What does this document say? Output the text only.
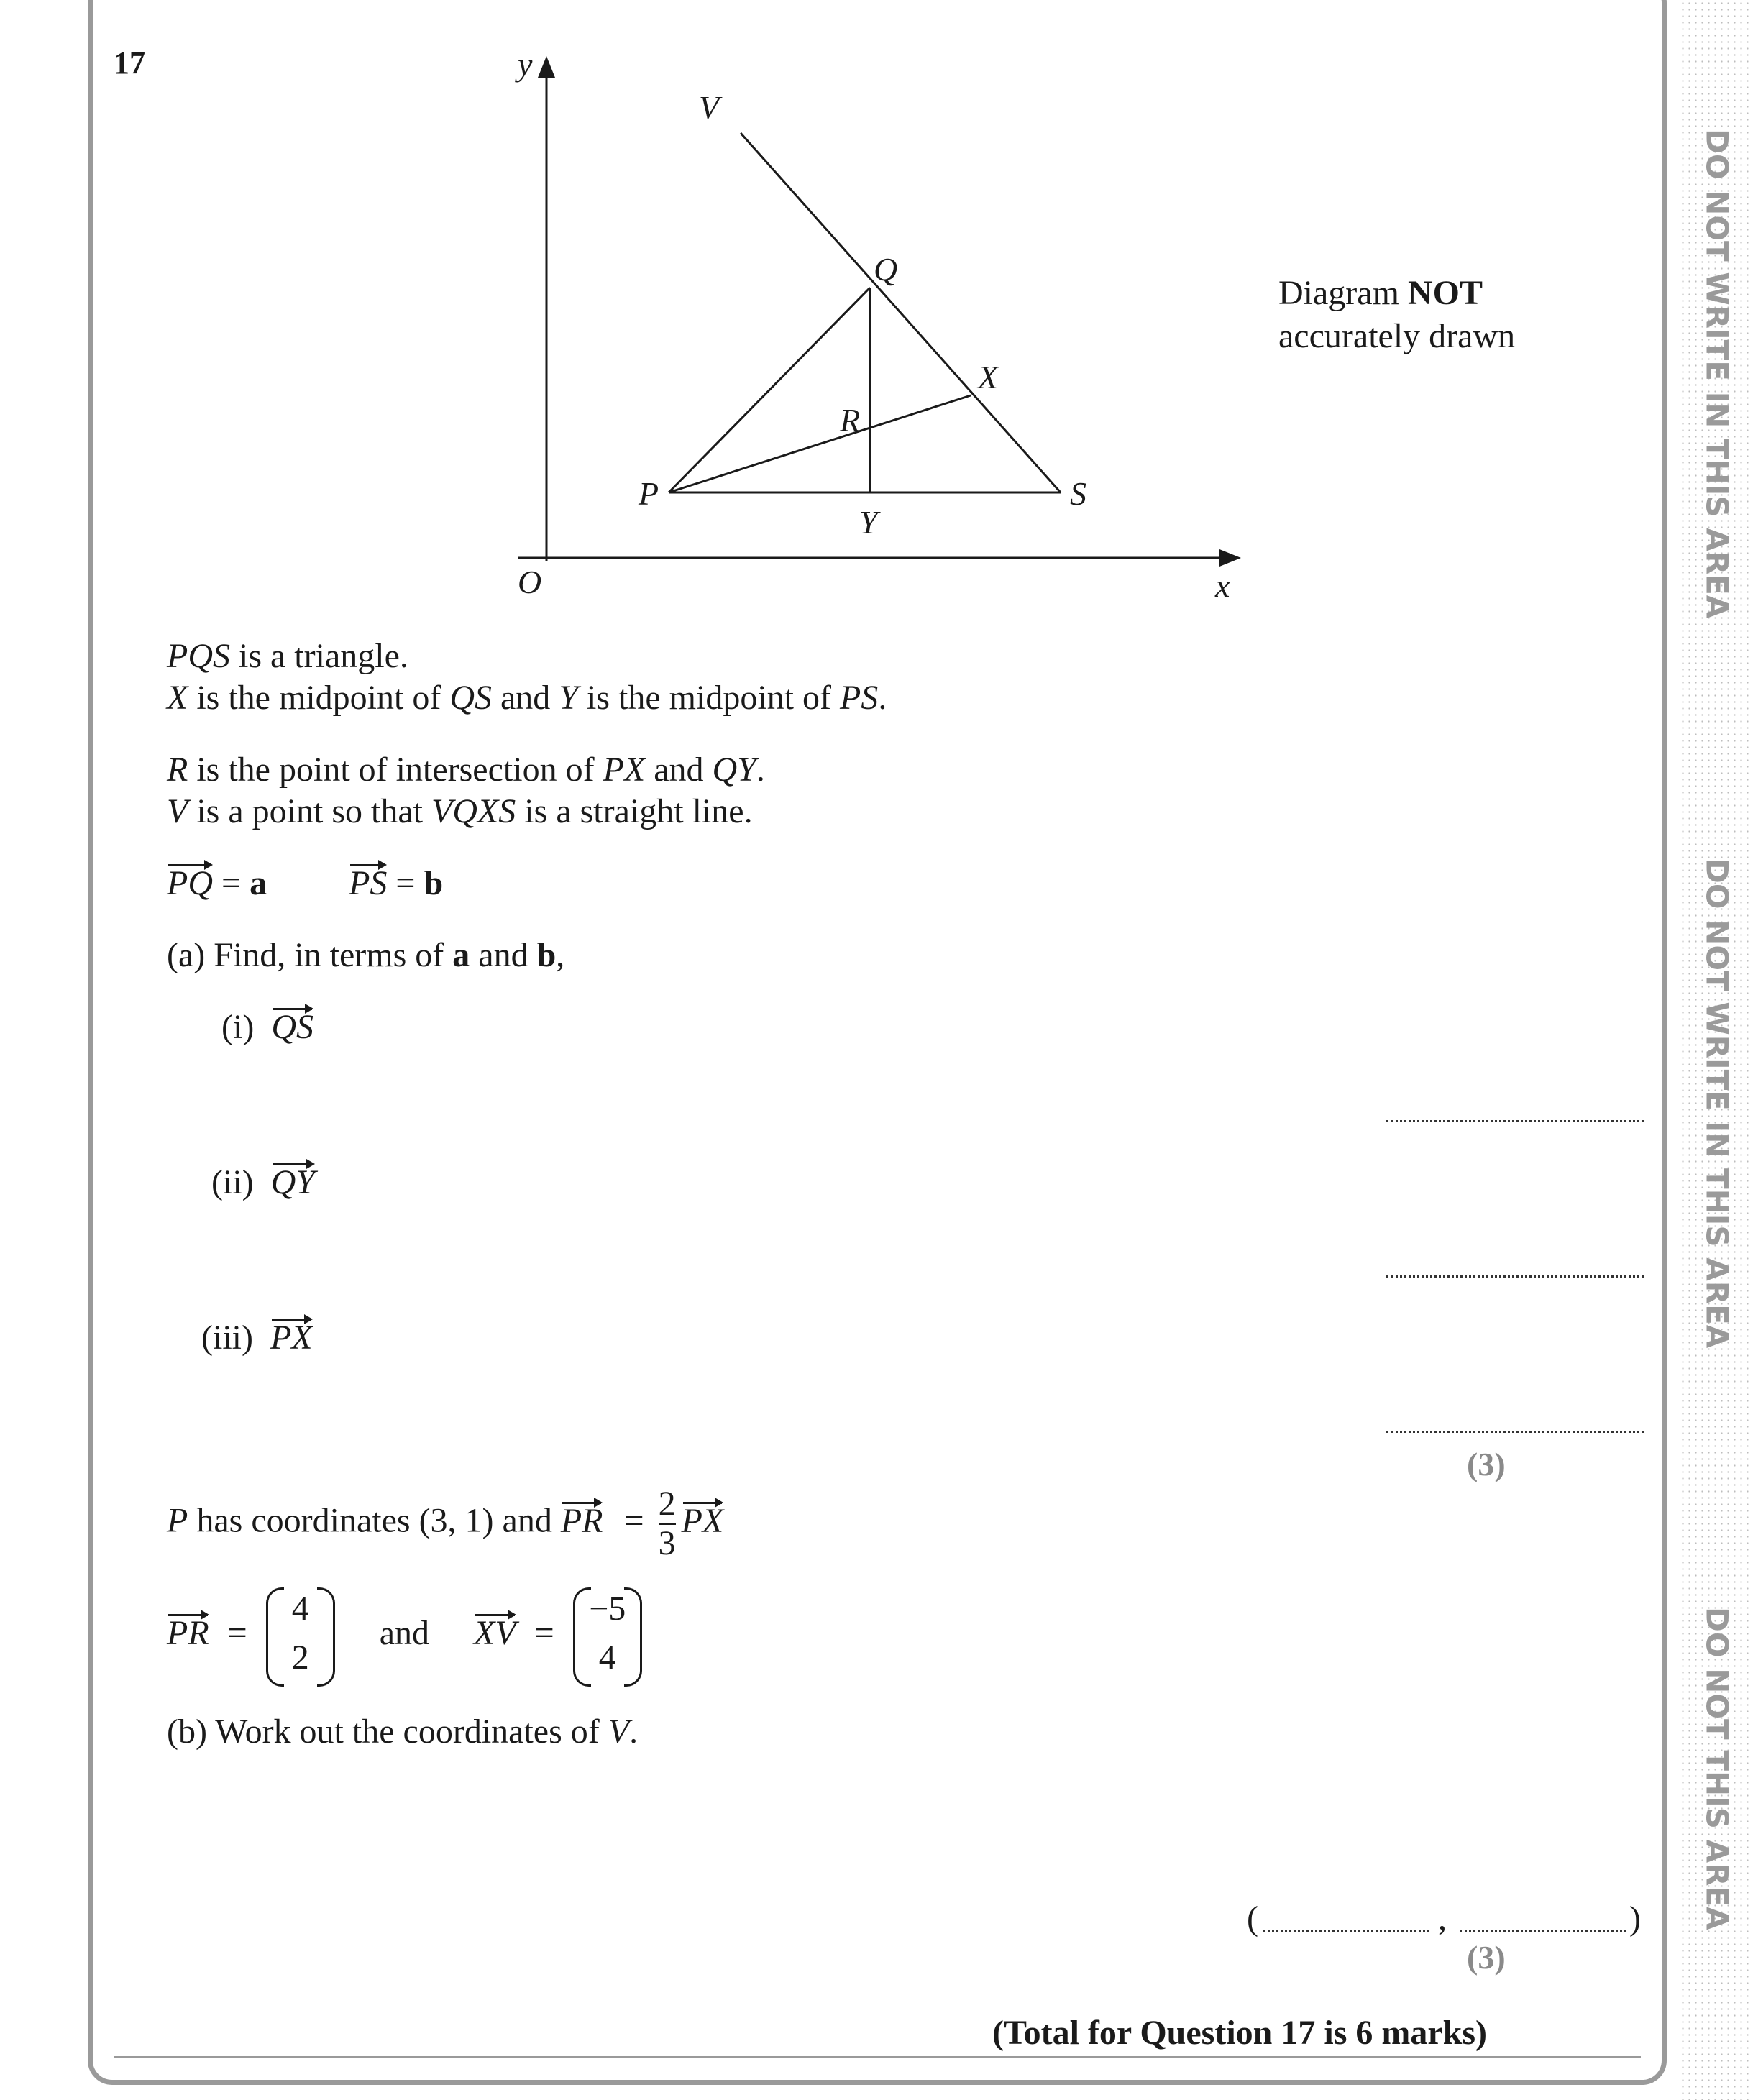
DO NOT WRITE IN THIS AREA
DO NOT WRITE IN THIS AREA
DO NOT THIS AREA
17	y
x
O
V
Q
X
R
P
Y
S
Diagram NOT
accurately drawn
PQS is a triangle.
X is the midpoint of QS and Y is the midpoint of PS.
R is the point of intersection of PX and QY.
V is a point so that VQXS is a straight line.
PQ = a PS = b
(a) Find, in terms of a and b,
(i) QS
(ii) QY
(iii) PX
(3)
P has coordinates (3, 1) and PR = $\frac{2}{3}$ PX
PR =
4
2
and XV =
−5
4
(b) Work out the coordinates of V.
(	,	)
(3)
(Total for Question 17 is 6 marks)
